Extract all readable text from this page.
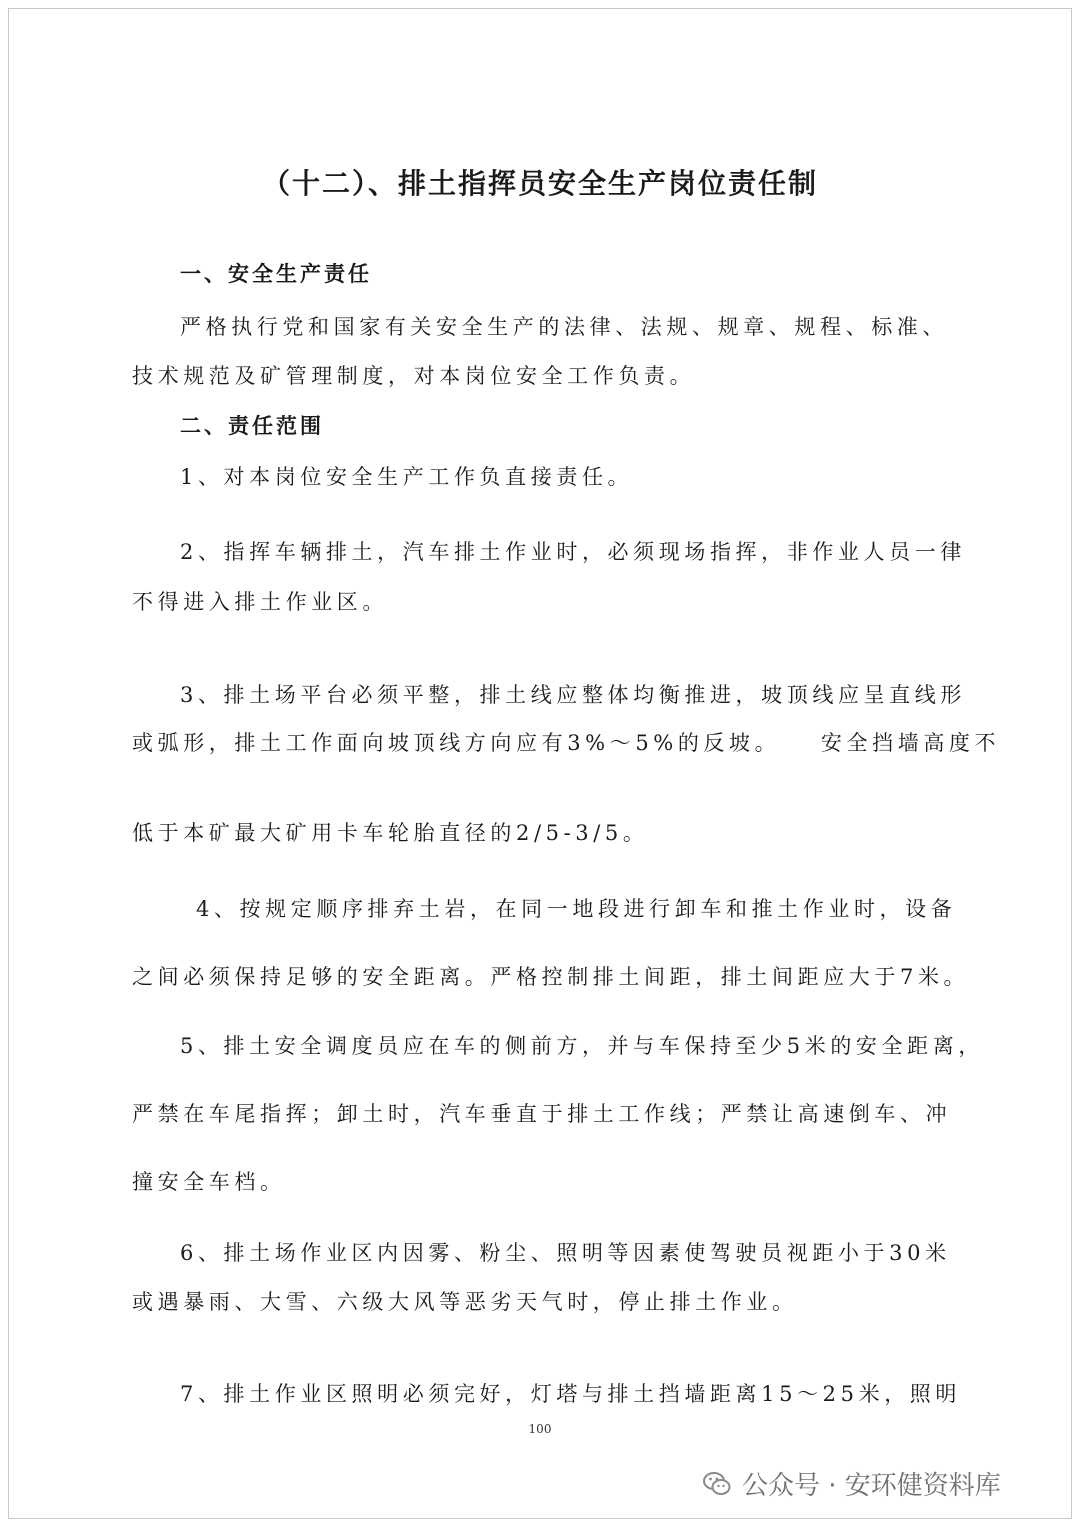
（十二）、排土指挥员安全生产岗位责任制
一、安全生产责任
严格执行党和国家有关安全生产的法律、法规、规章、规程、标准、
技术规范及矿管理制度，对本岗位安全工作负责。
二、责任范围
1、对本岗位安全生产工作负直接责任。
2、指挥车辆排土，汽车排土作业时，必须现场指挥，非作业人员一律
不得进入排土作业区。
3、排土场平台必须平整，排土线应整体均衡推进，坡顶线应呈直线形
或弧形，排土工作面向坡顶线方向应有3%～5%的反坡。　　安全挡墙高度不
低于本矿最大矿用卡车轮胎直径的2/5-3/5。
4、按规定顺序排弃土岩，在同一地段进行卸车和推土作业时，设备
之间必须保持足够的安全距离。严格控制排土间距，排土间距应大于7米。
5、排土安全调度员应在车的侧前方，并与车保持至少5米的安全距离，
严禁在车尾指挥；卸土时，汽车垂直于排土工作线；严禁让高速倒车、冲
撞安全车档。
6、排土场作业区内因雾、粉尘、照明等因素使驾驶员视距小于30米
或遇暴雨、大雪、六级大风等恶劣天气时，停止排土作业。
7、排土作业区照明必须完好，灯塔与排土挡墙距离15～25米，照明
100
公众号 · 安环健资料库
